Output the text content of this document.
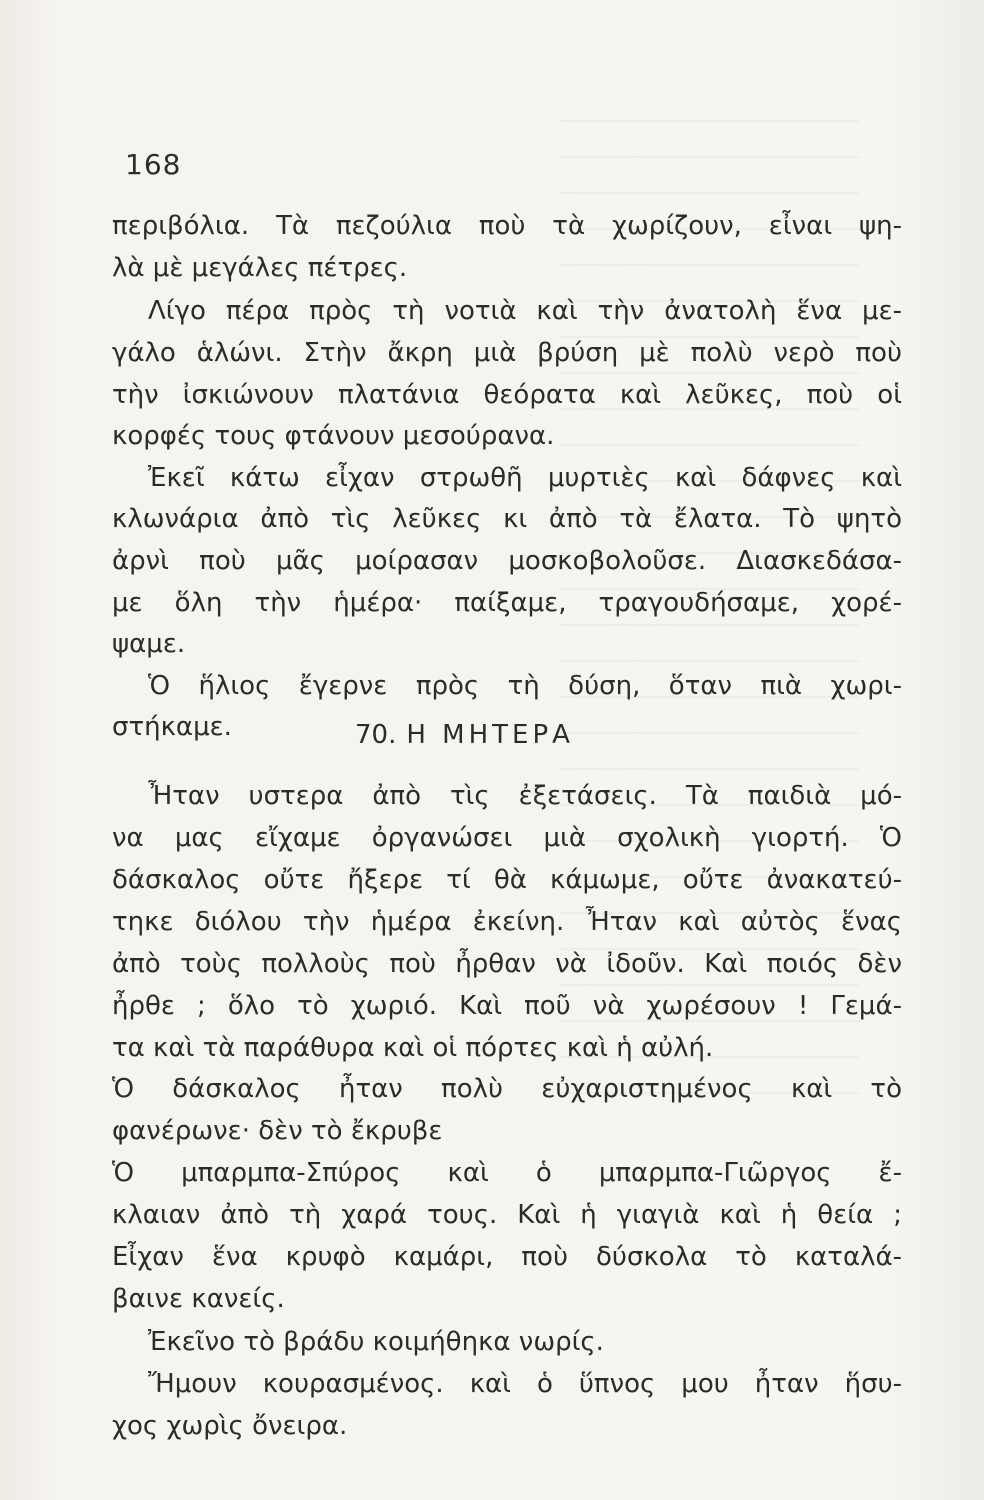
168
περιβόλια. Τὰ πεζούλια ποὺ τὰ χωρίζουν, εἶναι ψη-
λὰ μὲ μεγάλες πέτρες.
Λίγο πέρα πρὸς τὴ νοτιὰ καὶ τὴν ἀνατολὴ ἕνα με-
γάλο ἁλώνι. Στὴν ἄκρη μιὰ βρύση μὲ πολὺ νερὸ ποὺ
τὴν ἰσκιώνουν πλατάνια θεόρατα καὶ λεῦκες, ποὺ οἱ
κορφές τους φτάνουν μεσούρανα.
Ἐκεῖ κάτω εἶχαν στρωθῆ μυρτιὲς καὶ δάφνες καὶ
κλωνάρια ἀπὸ τὶς λεῦκες κι ἀπὸ τὰ ἔλατα. Τὸ ψητὸ
ἀρνὶ ποὺ μᾶς μοίρασαν μοσκοβολοῦσε. Διασκεδάσα-
με ὅλη τὴν ἡμέρα· παίξαμε, τραγουδήσαμε, χορέ-
ψαμε.
Ὁ ἥλιος ἔγερνε πρὸς τὴ δύση, ὅταν πιὰ χωρι-
στήκαμε.	70. Η ΜΗΤΕΡΑ
Ἦταν υστερα ἀπὸ τὶς ἐξετάσεις. Τὰ παιδιὰ μό-
να μας εἴχαμε ὀργανώσει μιὰ σχολικὴ γιορτή. Ὁ
δάσκαλος οὔτε ἤξερε τί θὰ κάμωμε, οὔτε ἀνακατεύ-
τηκε διόλου τὴν ἡμέρα ἐκείνη. Ἦταν καὶ αὐτὸς ἕνας
ἀπὸ τοὺς πολλοὺς ποὺ ἦρθαν νὰ ἰδοῦν. Καὶ ποιός δὲν
ἦρθε ; ὅλο τὸ χωριό. Καὶ ποῦ νὰ χωρέσουν ! Γεμά-
τα καὶ τὰ παράθυρα καὶ οἱ πόρτες καὶ ἡ αὐλή.
Ὁ δάσκαλος ἦταν πολὺ εὐχαριστημένος καὶ τὸ
φανέρωνε· δὲν τὸ ἔκρυβε
Ὁ μπαρμπα-Σπύρος καὶ ὁ μπαρμπα-Γιῶργος ἔ-
κλαιαν ἀπὸ τὴ χαρά τους. Καὶ ἡ γιαγιὰ καὶ ἡ θεία ;
Εἶχαν ἕνα κρυφὸ καμάρι, ποὺ δύσκολα τὸ καταλά-
βαινε κανείς.
Ἐκεῖνο τὸ βράδυ κοιμήθηκα νωρίς.
Ἤμουν κουρασμένος. καὶ ὁ ὕπνος μου ἦταν ἥσυ-
χος χωρὶς ὄνειρα.
